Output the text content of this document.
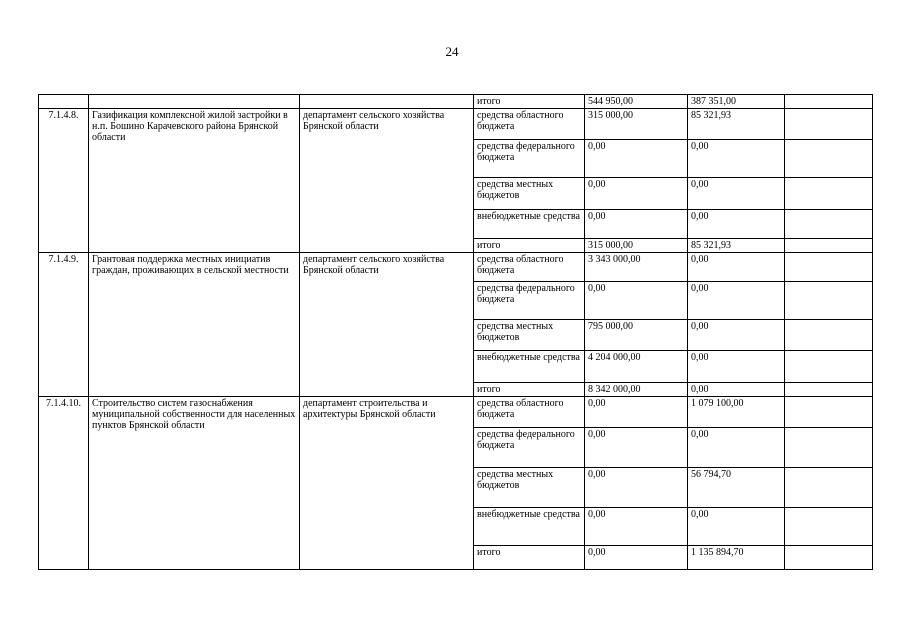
24
			итого	544 950,00	387 351,00	
7.1.4.8.	Газификация комплексной жилой застройки в н.п. Бошино Карачевского района Брянской области	департамент сельского хозяйства Брянской области	средства областного бюджета	315 000,00	85 321,93	
			средства федерального бюджета	0,00	0,00	
			средства местных бюджетов	0,00	0,00	
			внебюджетные средства	0,00	0,00	
			итого	315 000,00	85 321,93	
7.1.4.9.	Грантовая поддержка местных инициатив граждан, проживающих в сельской местности	департамент сельского хозяйства Брянской области	средства областного бюджета	3 343 000,00	0,00	
			средства федерального бюджета	0,00	0,00	
			средства местных бюджетов	795 000,00	0,00	
			внебюджетные средства	4 204 000,00	0,00	
			итого	8 342 000,00	0,00	
7.1.4.10.	Строительство систем газоснабжения муниципальной собственности для населенных пунктов Брянской области	департамент строительства и архитектуры Брянской области	средства областного бюджета	0,00	1 079 100,00	
			средства федерального бюджета	0,00	0,00	
			средства местных бюджетов	0,00	56 794,70	
			внебюджетные средства	0,00	0,00	
			итого	0,00	1 135 894,70	
